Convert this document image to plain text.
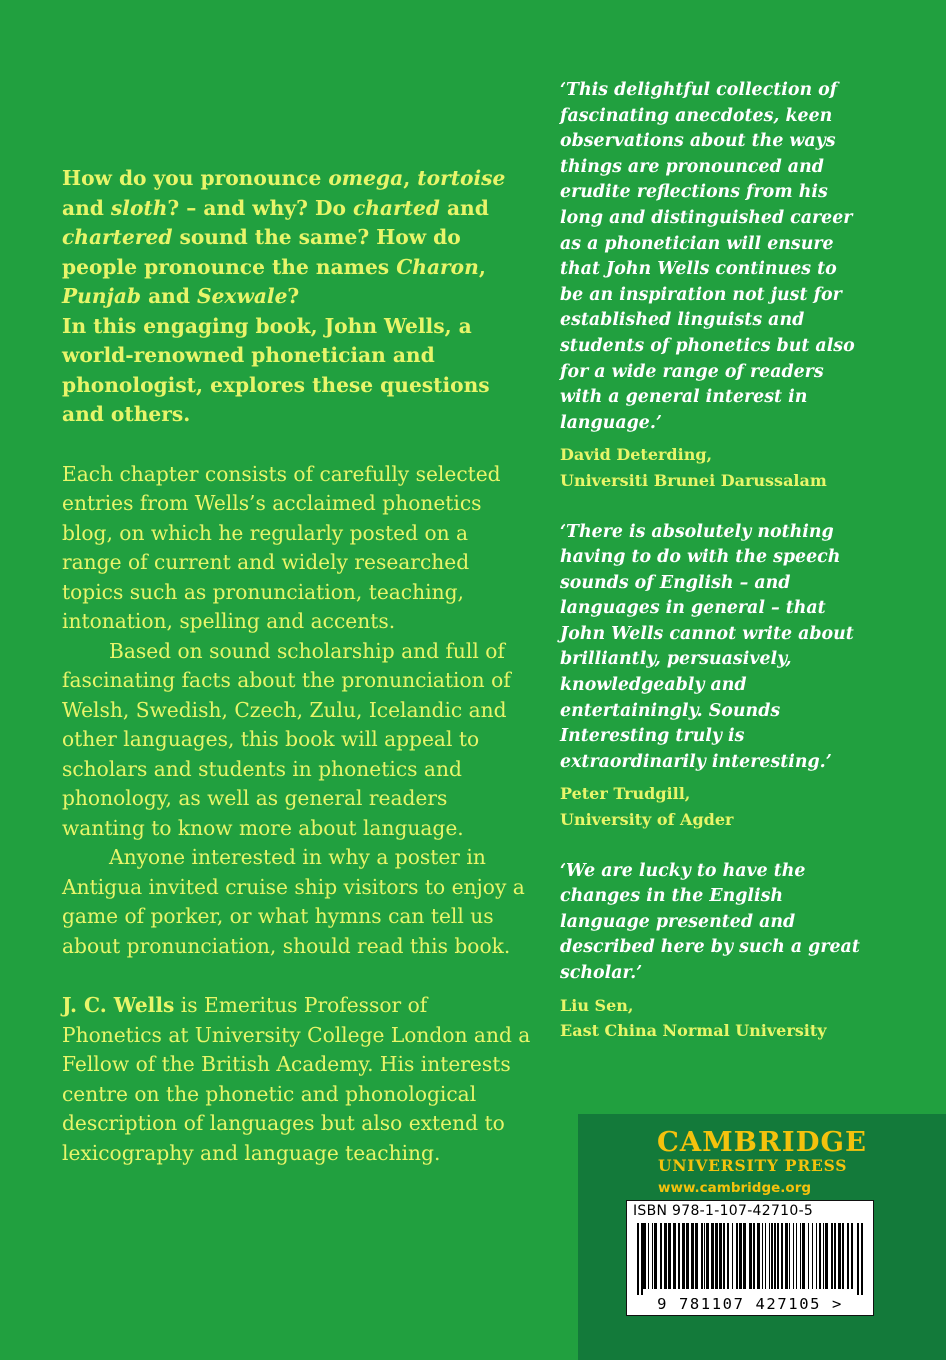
How do you pronounce omega, tortoise and sloth? – and why? Do charted and chartered sound the same? How do people pronounce the names Charon, Punjab and Sexwale?

In this engaging book, John Wells, a world-renowned phonetician and phonologist, explores these questions and others.

Each chapter consists of carefully selected entries from Wells’s acclaimed phonetics blog, on which he regularly posted on a range of current and widely researched topics such as pronunciation, teaching, intonation, spelling and accents.

Based on sound scholarship and full of fascinating facts about the pronunciation of Welsh, Swedish, Czech, Zulu, Icelandic and other languages, this book will appeal to scholars and students in phonetics and phonology, as well as general readers wanting to know more about language.

Anyone interested in why a poster in Antigua invited cruise ship visitors to enjoy a game of porker, or what hymns can tell us about pronunciation, should read this book.

J. C. Wells is Emeritus Professor of Phonetics at University College London and a Fellow of the British Academy. His interests centre on the phonetic and phonological description of languages but also extend to lexicography and language teaching.

‘This delightful collection of fascinating anecdotes, keen observations about the ways things are pronounced and erudite reflections from his long and distinguished career as a phonetician will ensure that John Wells continues to be an inspiration not just for established linguists and students of phonetics but also for a wide range of readers with a general interest in language.’

David Deterding,
Universiti Brunei Darussalam

‘There is absolutely nothing having to do with the speech sounds of English – and languages in general – that John Wells cannot write about brilliantly, persuasively, knowledgeably and entertainingly. Sounds Interesting truly is extraordinarily interesting.’

Peter Trudgill,
University of Agder

‘We are lucky to have the changes in the English language presented and described here by such a great scholar.’

Liu Sen,
East China Normal University

CAMBRIDGE
UNIVERSITY PRESS
www.cambridge.org
ISBN 978-1-107-42710-5
9 781107 427105 >
